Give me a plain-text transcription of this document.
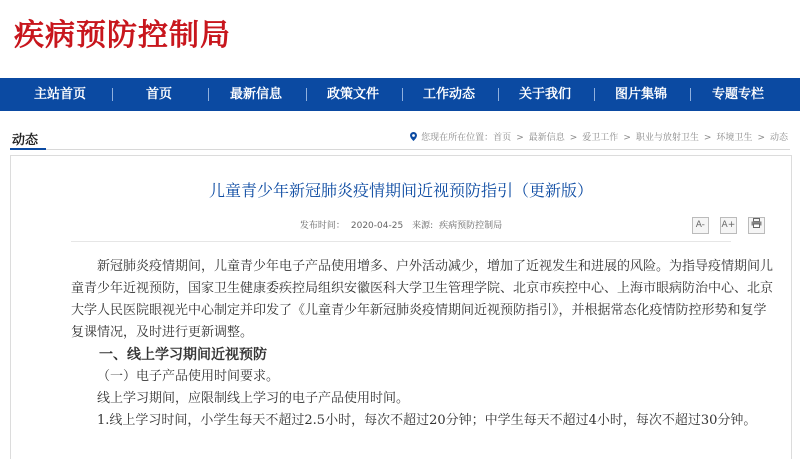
疾病预防控制局
主站首页	首页	最新信息	政策文件	工作动态	关于我们	图片集锦	专题专栏
动态	您现在所在位置：首页 > 最新信息 > 爱卫工作 > 职业与放射卫生 > 环境卫生 > 动态
儿童青少年新冠肺炎疫情期间近视预防指引（更新版）
发布时间： 2020-04-25 来源: 疾病预防控制局	A- A+

新冠肺炎疫情期间，儿童青少年电子产品使用增多、户外活动减少，增加了近视发生和进展的风险。为指导疫情期间儿童青少年近视预防，国家卫生健康委疾控局组织安徽医科大学卫生管理学院、北京市疾控中心、上海市眼病防治中心、北京大学人民医院眼视光中心制定并印发了《儿童青少年新冠肺炎疫情期间近视预防指引》，并根据常态化疫情防控形势和复学复课情况，及时进行更新调整。

一、线上学习期间近视预防

（一）电子产品使用时间要求。

线上学习期间，应限制线上学习的电子产品使用时间。

1.线上学习时间，小学生每天不超过2.5小时，每次不超过20分钟；中学生每天不超过4小时，每次不超过30分钟。
